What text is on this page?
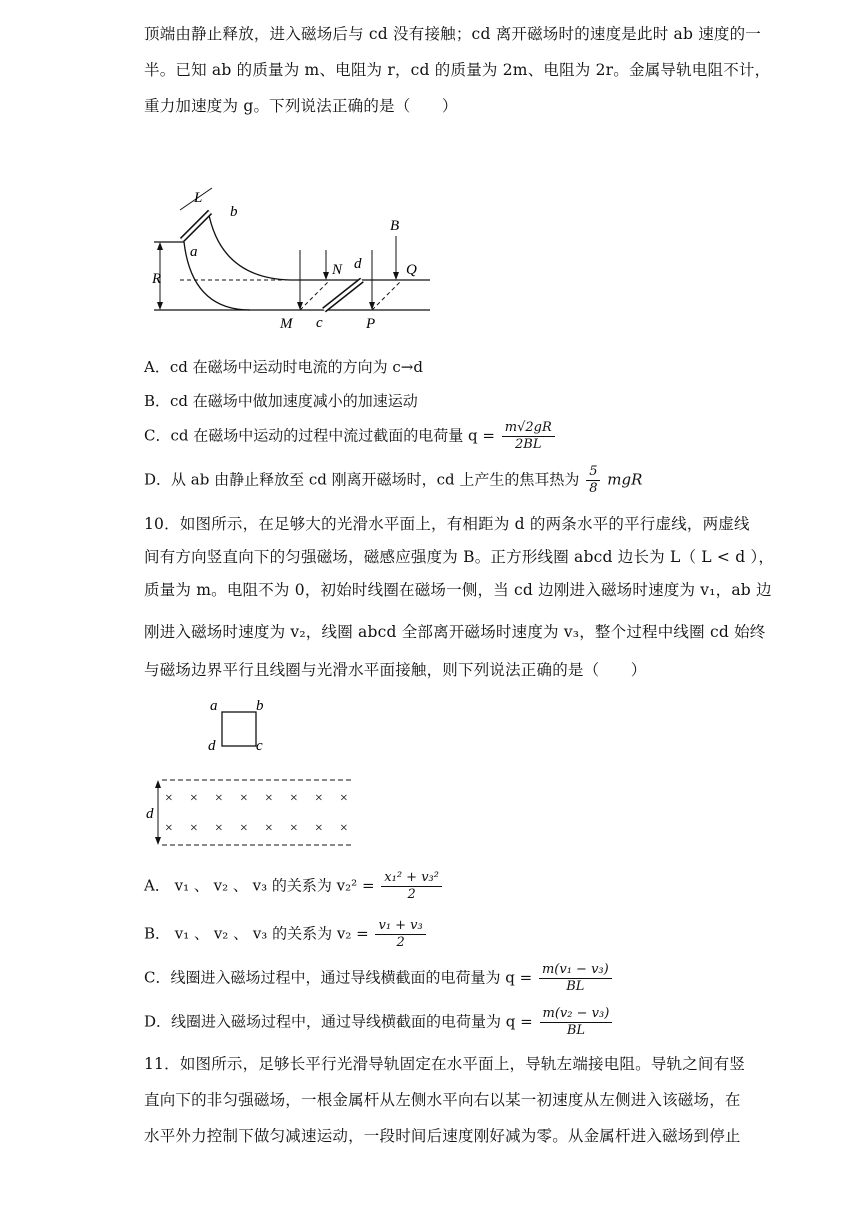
顶端由静止释放，进入磁场后与 cd 没有接触；cd 离开磁场时的速度是此时 ab 速度的一
半。已知 ab 的质量为 m、电阻为 r，cd 的质量为 2m、电阻为 2r。金属导轨电阻不计，
重力加速度为 g。下列说法正确的是（　　）
R
L
b
a
d
c
B
N	Q
M	P
A．cd 在磁场中运动时电流的方向为 c→d
B．cd 在磁场中做加速度减小的加速运动
C．cd 在磁场中运动的过程中流过截面的电荷量 $q = \frac{m√2gR}{2BL}$
D．从 ab 由静止释放至 cd 刚离开磁场时，cd 上产生的焦耳热为 $\frac{5}{8}$ mgR
10．如图所示，在足够大的光滑水平面上，有相距为 d 的两条水平的平行虚线，两虚线
间有方向竖直向下的匀强磁场，磁感应强度为 B。正方形线圈 abcd 边长为 L（ L < d ），
质量为 m。电阻不为 0，初始时线圈在磁场一侧，当 cd 边刚进入磁场时速度为 v₁，ab 边
刚进入磁场时速度为 v₂，线圈 abcd 全部离开磁场时速度为 v₃，整个过程中线圈 cd 始终
与磁场边界平行且线圈与光滑水平面接触，则下列说法正确的是（　　）
a	b
d	c
d
× × × × × × × ×
× × × × × × × ×
A． v₁ 、 v₂ 、 v₃ 的关系为 $v_2^2 = \frac{\text{x₁² + v₃²}}{2}$
B． v₁ 、 v₂ 、 v₃ 的关系为 $v_2 = \frac{\text{v₁ + v₃}}{2}$
C．线圈进入磁场过程中，通过导线横截面的电荷量为 $q = \frac{\text{m(v₁ − v₃)}}{BL}$
D．线圈进入磁场过程中，通过导线横截面的电荷量为 $q = \frac{\text{m(v₂ − v₃)}}{BL}$
11．如图所示，足够长平行光滑导轨固定在水平面上，导轨左端接电阻。导轨之间有竖
直向下的非匀强磁场，一根金属杆从左侧水平向右以某一初速度从左侧进入该磁场，在
水平外力控制下做匀减速运动，一段时间后速度刚好减为零。从金属杆进入磁场到停止
